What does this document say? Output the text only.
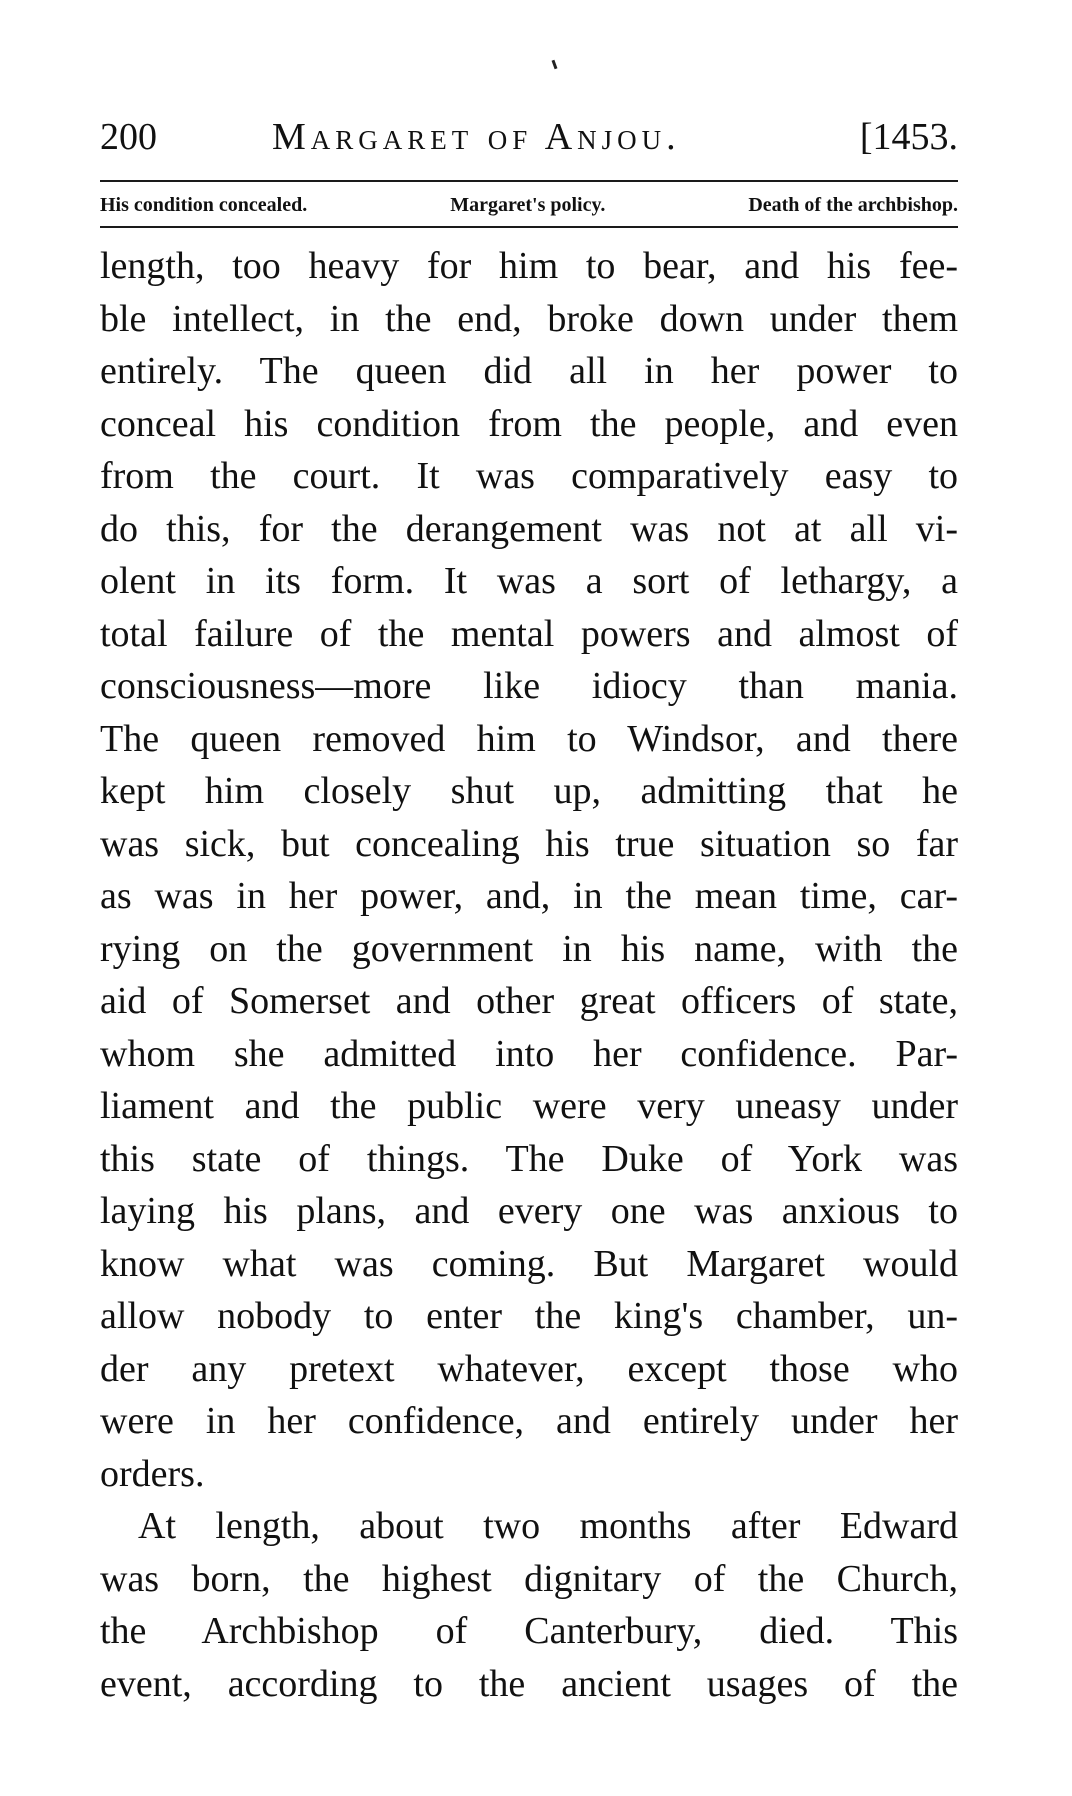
200	Margaret of Anjou.	[1453.
His condition concealed.	Margaret's policy.	Death of the archbishop.
length, too heavy for him to bear, and his fee-
ble intellect, in the end, broke down under them
entirely. The queen did all in her power to
conceal his condition from the people, and even
from the court. It was comparatively easy to
do this, for the derangement was not at all vi-
olent in its form. It was a sort of lethargy, a
total failure of the mental powers and almost of
consciousness—more like idiocy than mania.
The queen removed him to Windsor, and there
kept him closely shut up, admitting that he
was sick, but concealing his true situation so far
as was in her power, and, in the mean time, car-
rying on the government in his name, with the
aid of Somerset and other great officers of state,
whom she admitted into her confidence. Par-
liament and the public were very uneasy under
this state of things. The Duke of York was
laying his plans, and every one was anxious to
know what was coming. But Margaret would
allow nobody to enter the king's chamber, un-
der any pretext whatever, except those who
were in her confidence, and entirely under her
orders.
At length, about two months after Edward
was born, the highest dignitary of the Church,
the Archbishop of Canterbury, died. This
event, according to the ancient usages of the
